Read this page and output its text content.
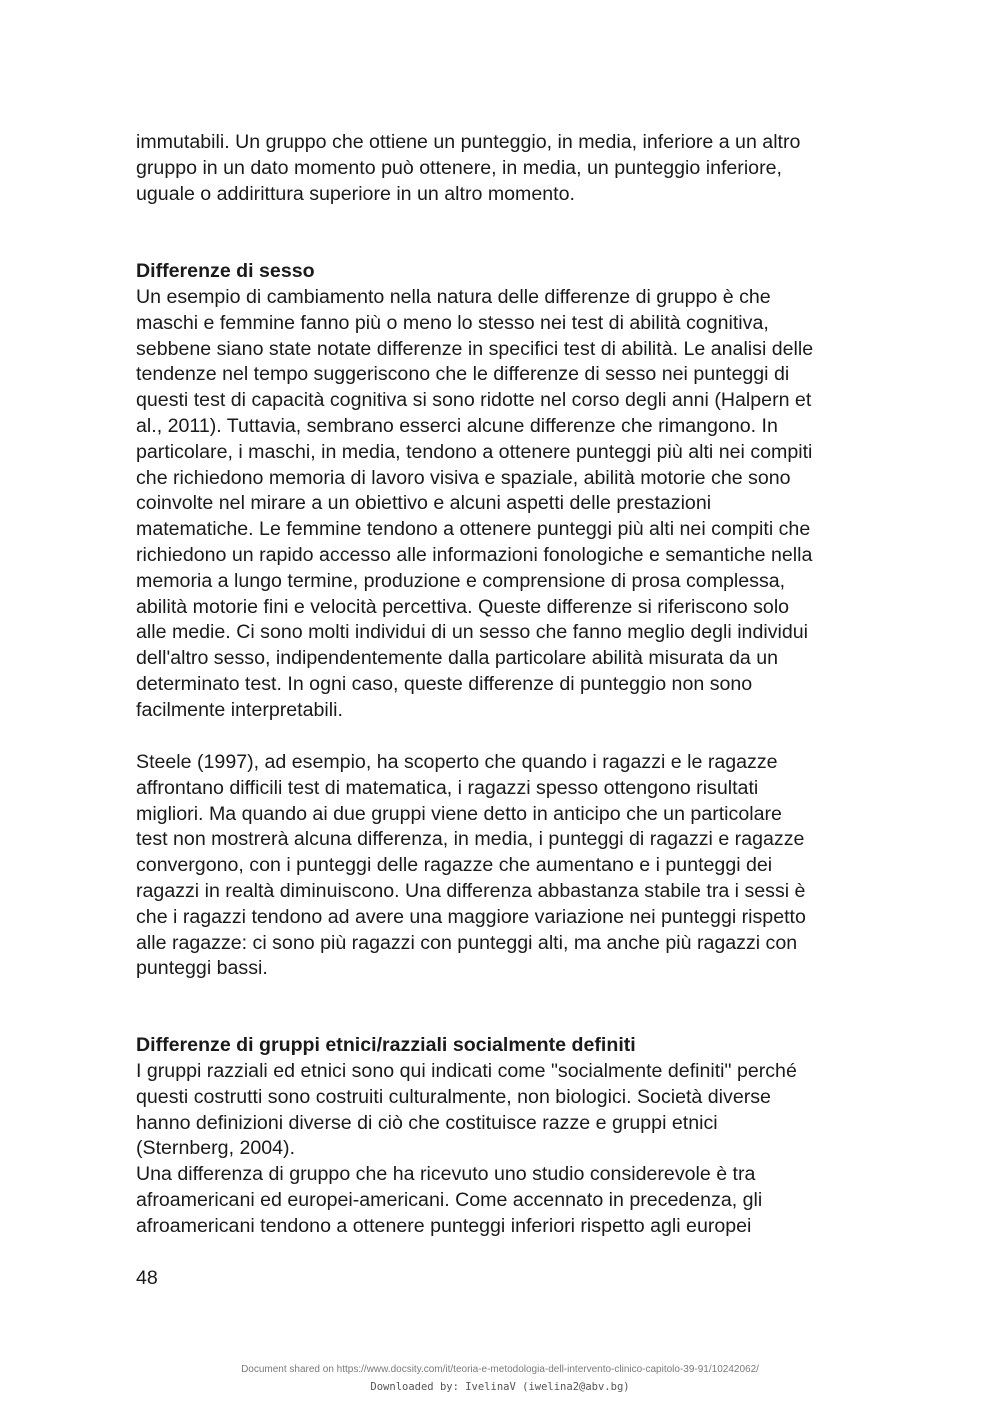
immutabili. Un gruppo che ottiene un punteggio, in media, inferiore a un altro
gruppo in un dato momento può ottenere, in media, un punteggio inferiore,
uguale o addirittura superiore in un altro momento.

Differenze di sesso

Un esempio di cambiamento nella natura delle differenze di gruppo è che
maschi e femmine fanno più o meno lo stesso nei test di abilità cognitiva,
sebbene siano state notate differenze in specifici test di abilità. Le analisi delle
tendenze nel tempo suggeriscono che le differenze di sesso nei punteggi di
questi test di capacità cognitiva si sono ridotte nel corso degli anni (Halpern et
al., 2011). Tuttavia, sembrano esserci alcune differenze che rimangono. In
particolare, i maschi, in media, tendono a ottenere punteggi più alti nei compiti
che richiedono memoria di lavoro visiva e spaziale, abilità motorie che sono
coinvolte nel mirare a un obiettivo e alcuni aspetti delle prestazioni
matematiche. Le femmine tendono a ottenere punteggi più alti nei compiti che
richiedono un rapido accesso alle informazioni fonologiche e semantiche nella
memoria a lungo termine, produzione e comprensione di prosa complessa,
abilità motorie fini e velocità percettiva. Queste differenze si riferiscono solo
alle medie. Ci sono molti individui di un sesso che fanno meglio degli individui
dell'altro sesso, indipendentemente dalla particolare abilità misurata da un
determinato test. In ogni caso, queste differenze di punteggio non sono
facilmente interpretabili.

Steele (1997), ad esempio, ha scoperto che quando i ragazzi e le ragazze
affrontano difficili test di matematica, i ragazzi spesso ottengono risultati
migliori. Ma quando ai due gruppi viene detto in anticipo che un particolare
test non mostrerà alcuna differenza, in media, i punteggi di ragazzi e ragazze
convergono, con i punteggi delle ragazze che aumentano e i punteggi dei
ragazzi in realtà diminuiscono. Una differenza abbastanza stabile tra i sessi è
che i ragazzi tendono ad avere una maggiore variazione nei punteggi rispetto
alle ragazze: ci sono più ragazzi con punteggi alti, ma anche più ragazzi con
punteggi bassi.

Differenze di gruppi etnici/razziali socialmente definiti

I gruppi razziali ed etnici sono qui indicati come "socialmente definiti" perché
questi costrutti sono costruiti culturalmente, non biologici. Società diverse
hanno definizioni diverse di ciò che costituisce razze e gruppi etnici
(Sternberg, 2004).
Una differenza di gruppo che ha ricevuto uno studio considerevole è tra
afroamericani ed europei-americani. Come accennato in precedenza, gli
afroamericani tendono a ottenere punteggi inferiori rispetto agli europei

48
Document shared on https://www.docsity.com/it/teoria-e-metodologia-dell-intervento-clinico-capitolo-39-91/10242062/
Downloaded by: IvelinaV (iwelina2@abv.bg)
